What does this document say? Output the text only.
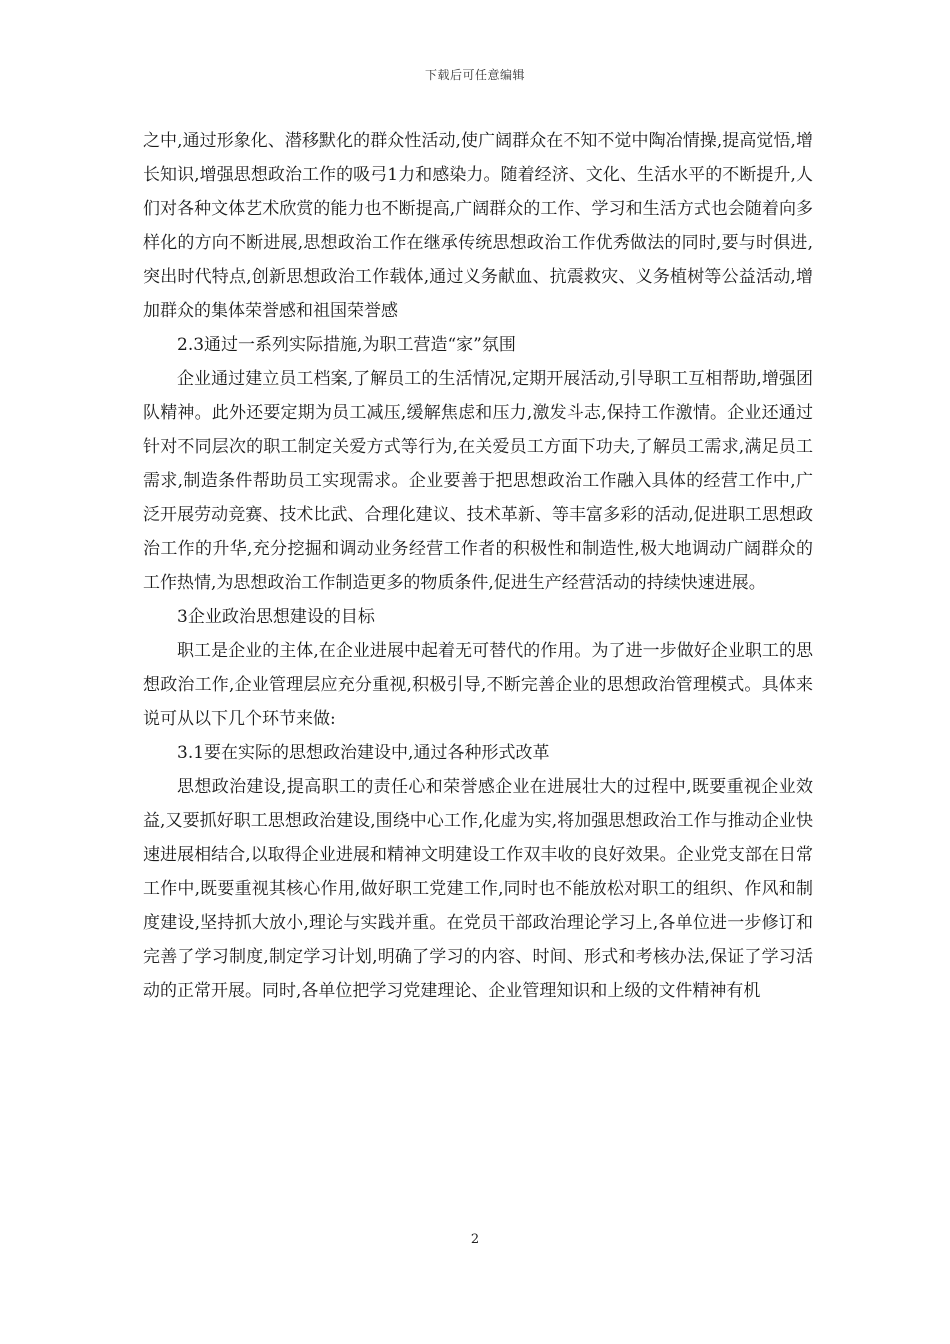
下载后可任意编辑

之中,通过形象化、潜移默化的群众性活动,使广阔群众在不知不觉中陶冶情操,提高觉悟,增长知识,增强思想政治工作的吸弓1力和感染力。随着经济、文化、生活水平的不断提升,人们对各种文体艺术欣赏的能力也不断提高,广阔群众的工作、学习和生活方式也会随着向多样化的方向不断进展,思想政治工作在继承传统思想政治工作优秀做法的同时,要与时俱进,突出时代特点,创新思想政治工作载体,通过义务献血、抗震救灾、义务植树等公益活动,增加群众的集体荣誉感和祖国荣誉感

2.3通过一系列实际措施,为职工营造“家”氛围

企业通过建立员工档案,了解员工的生活情况,定期开展活动,引导职工互相帮助,增强团队精神。此外还要定期为员工减压,缓解焦虑和压力,激发斗志,保持工作激情。企业还通过针对不同层次的职工制定关爱方式等行为,在关爱员工方面下功夫,了解员工需求,满足员工需求,制造条件帮助员工实现需求。企业要善于把思想政治工作融入具体的经营工作中,广泛开展劳动竞赛、技术比武、合理化建议、技术革新、等丰富多彩的活动,促进职工思想政治工作的升华,充分挖掘和调动业务经营工作者的积极性和制造性,极大地调动广阔群众的工作热情,为思想政治工作制造更多的物质条件,促进生产经营活动的持续快速进展。

3企业政治思想建设的目标

职工是企业的主体,在企业进展中起着无可替代的作用。为了进一步做好企业职工的思想政治工作,企业管理层应充分重视,积极引导,不断完善企业的思想政治管理模式。具体来说可从以下几个环节来做:

3.1要在实际的思想政治建设中,通过各种形式改革

思想政治建设,提高职工的责任心和荣誉感企业在进展壮大的过程中,既要重视企业效益,又要抓好职工思想政治建设,围绕中心工作,化虚为实,将加强思想政治工作与推动企业快速进展相结合,以取得企业进展和精神文明建设工作双丰收的良好效果。企业党支部在日常工作中,既要重视其核心作用,做好职工党建工作,同时也不能放松对职工的组织、作风和制度建设,坚持抓大放小,理论与实践并重。在党员干部政治理论学习上,各单位进一步修订和完善了学习制度,制定学习计划,明确了学习的内容、时间、形式和考核办法,保证了学习活动的正常开展。同时,各单位把学习党建理论、企业管理知识和上级的文件精神有机

2
